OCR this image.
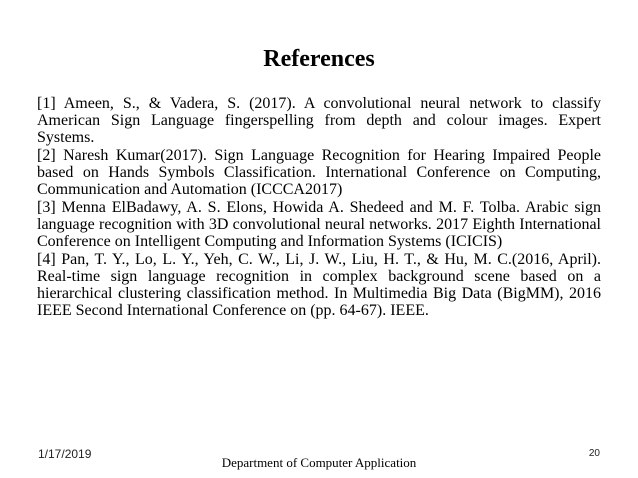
References

[1] Ameen, S., & Vadera, S. (2017). A convolutional neural network to classify American Sign Language fingerspelling from depth and colour images. Expert Systems.

[2] Naresh Kumar(2017). Sign Language Recognition for Hearing Impaired People based on Hands Symbols Classification. International Conference on Computing, Communication and Automation (ICCCA2017)

[3] Menna ElBadawy, A. S. Elons, Howida A. Shedeed and M. F. Tolba. Arabic sign language recognition with 3D convolutional neural networks. 2017 Eighth International Conference on Intelligent Computing and Information Systems (ICICIS)

[4] Pan, T. Y., Lo, L. Y., Yeh, C. W., Li, J. W., Liu, H. T., & Hu, M. C.(2016, April). Real-time sign language recognition in complex background scene based on a hierarchical clustering classification method. In Multimedia Big Data (BigMM), 2016 IEEE Second International Conference on (pp. 64-67). IEEE.

1/17/2019
Department of Computer Application
20
